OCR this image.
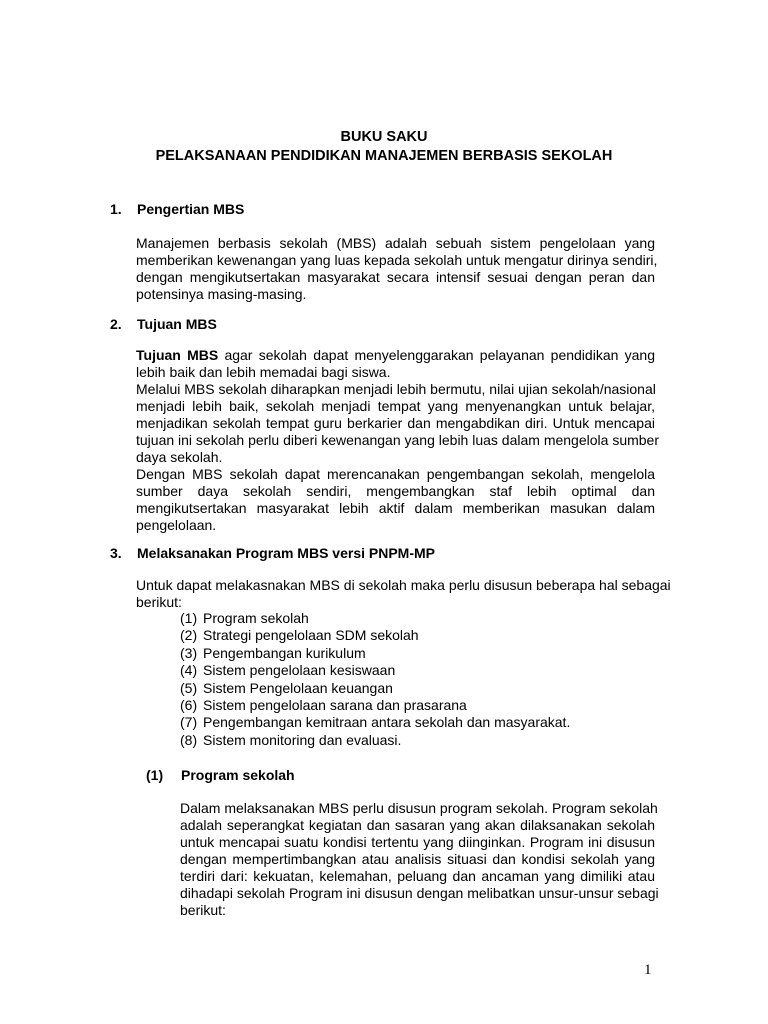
BUKU SAKU
PELAKSANAAN PENDIDIKAN MANAJEMEN BERBASIS SEKOLAH
1. Pengertian MBS
Manajemen berbasis sekolah (MBS) adalah sebuah sistem pengelolaan yang
memberikan kewenangan yang luas kepada sekolah untuk mengatur dirinya sendiri,
dengan mengikutsertakan masyarakat secara intensif sesuai dengan peran dan
potensinya masing-masing.
2. Tujuan MBS
Tujuan MBS agar sekolah dapat menyelenggarakan pelayanan pendidikan yang
lebih baik dan lebih memadai bagi siswa.
Melalui MBS sekolah diharapkan menjadi lebih bermutu, nilai ujian sekolah/nasional
menjadi lebih baik, sekolah menjadi tempat yang menyenangkan untuk belajar,
menjadikan sekolah tempat guru berkarier dan mengabdikan diri. Untuk mencapai
tujuan ini sekolah perlu diberi kewenangan yang lebih luas dalam mengelola sumber
daya sekolah.
Dengan MBS sekolah dapat merencanakan pengembangan sekolah, mengelola
sumber daya sekolah sendiri, mengembangkan staf lebih optimal dan
mengikutsertakan masyarakat lebih aktif dalam memberikan masukan dalam
pengelolaan.
3. Melaksanakan Program MBS versi PNPM-MP
Untuk dapat melakasnakan MBS di sekolah maka perlu disusun beberapa hal sebagai
berikut:
(1) Program sekolah
(2) Strategi pengelolaan SDM sekolah
(3) Pengembangan kurikulum
(4) Sistem pengelolaan kesiswaan
(5) Sistem Pengelolaan keuangan
(6) Sistem pengelolaan sarana dan prasarana
(7) Pengembangan kemitraan antara sekolah dan masyarakat.
(8) Sistem monitoring dan evaluasi.
(1) Program sekolah
Dalam melaksanakan MBS perlu disusun program sekolah. Program sekolah
adalah seperangkat kegiatan dan sasaran yang akan dilaksanakan sekolah
untuk mencapai suatu kondisi tertentu yang diinginkan. Program ini disusun
dengan mempertimbangkan atau analisis situasi dan kondisi sekolah yang
terdiri dari: kekuatan, kelemahan, peluang dan ancaman yang dimiliki atau
dihadapi sekolah Program ini disusun dengan melibatkan unsur-unsur sebagi
berikut:
1
